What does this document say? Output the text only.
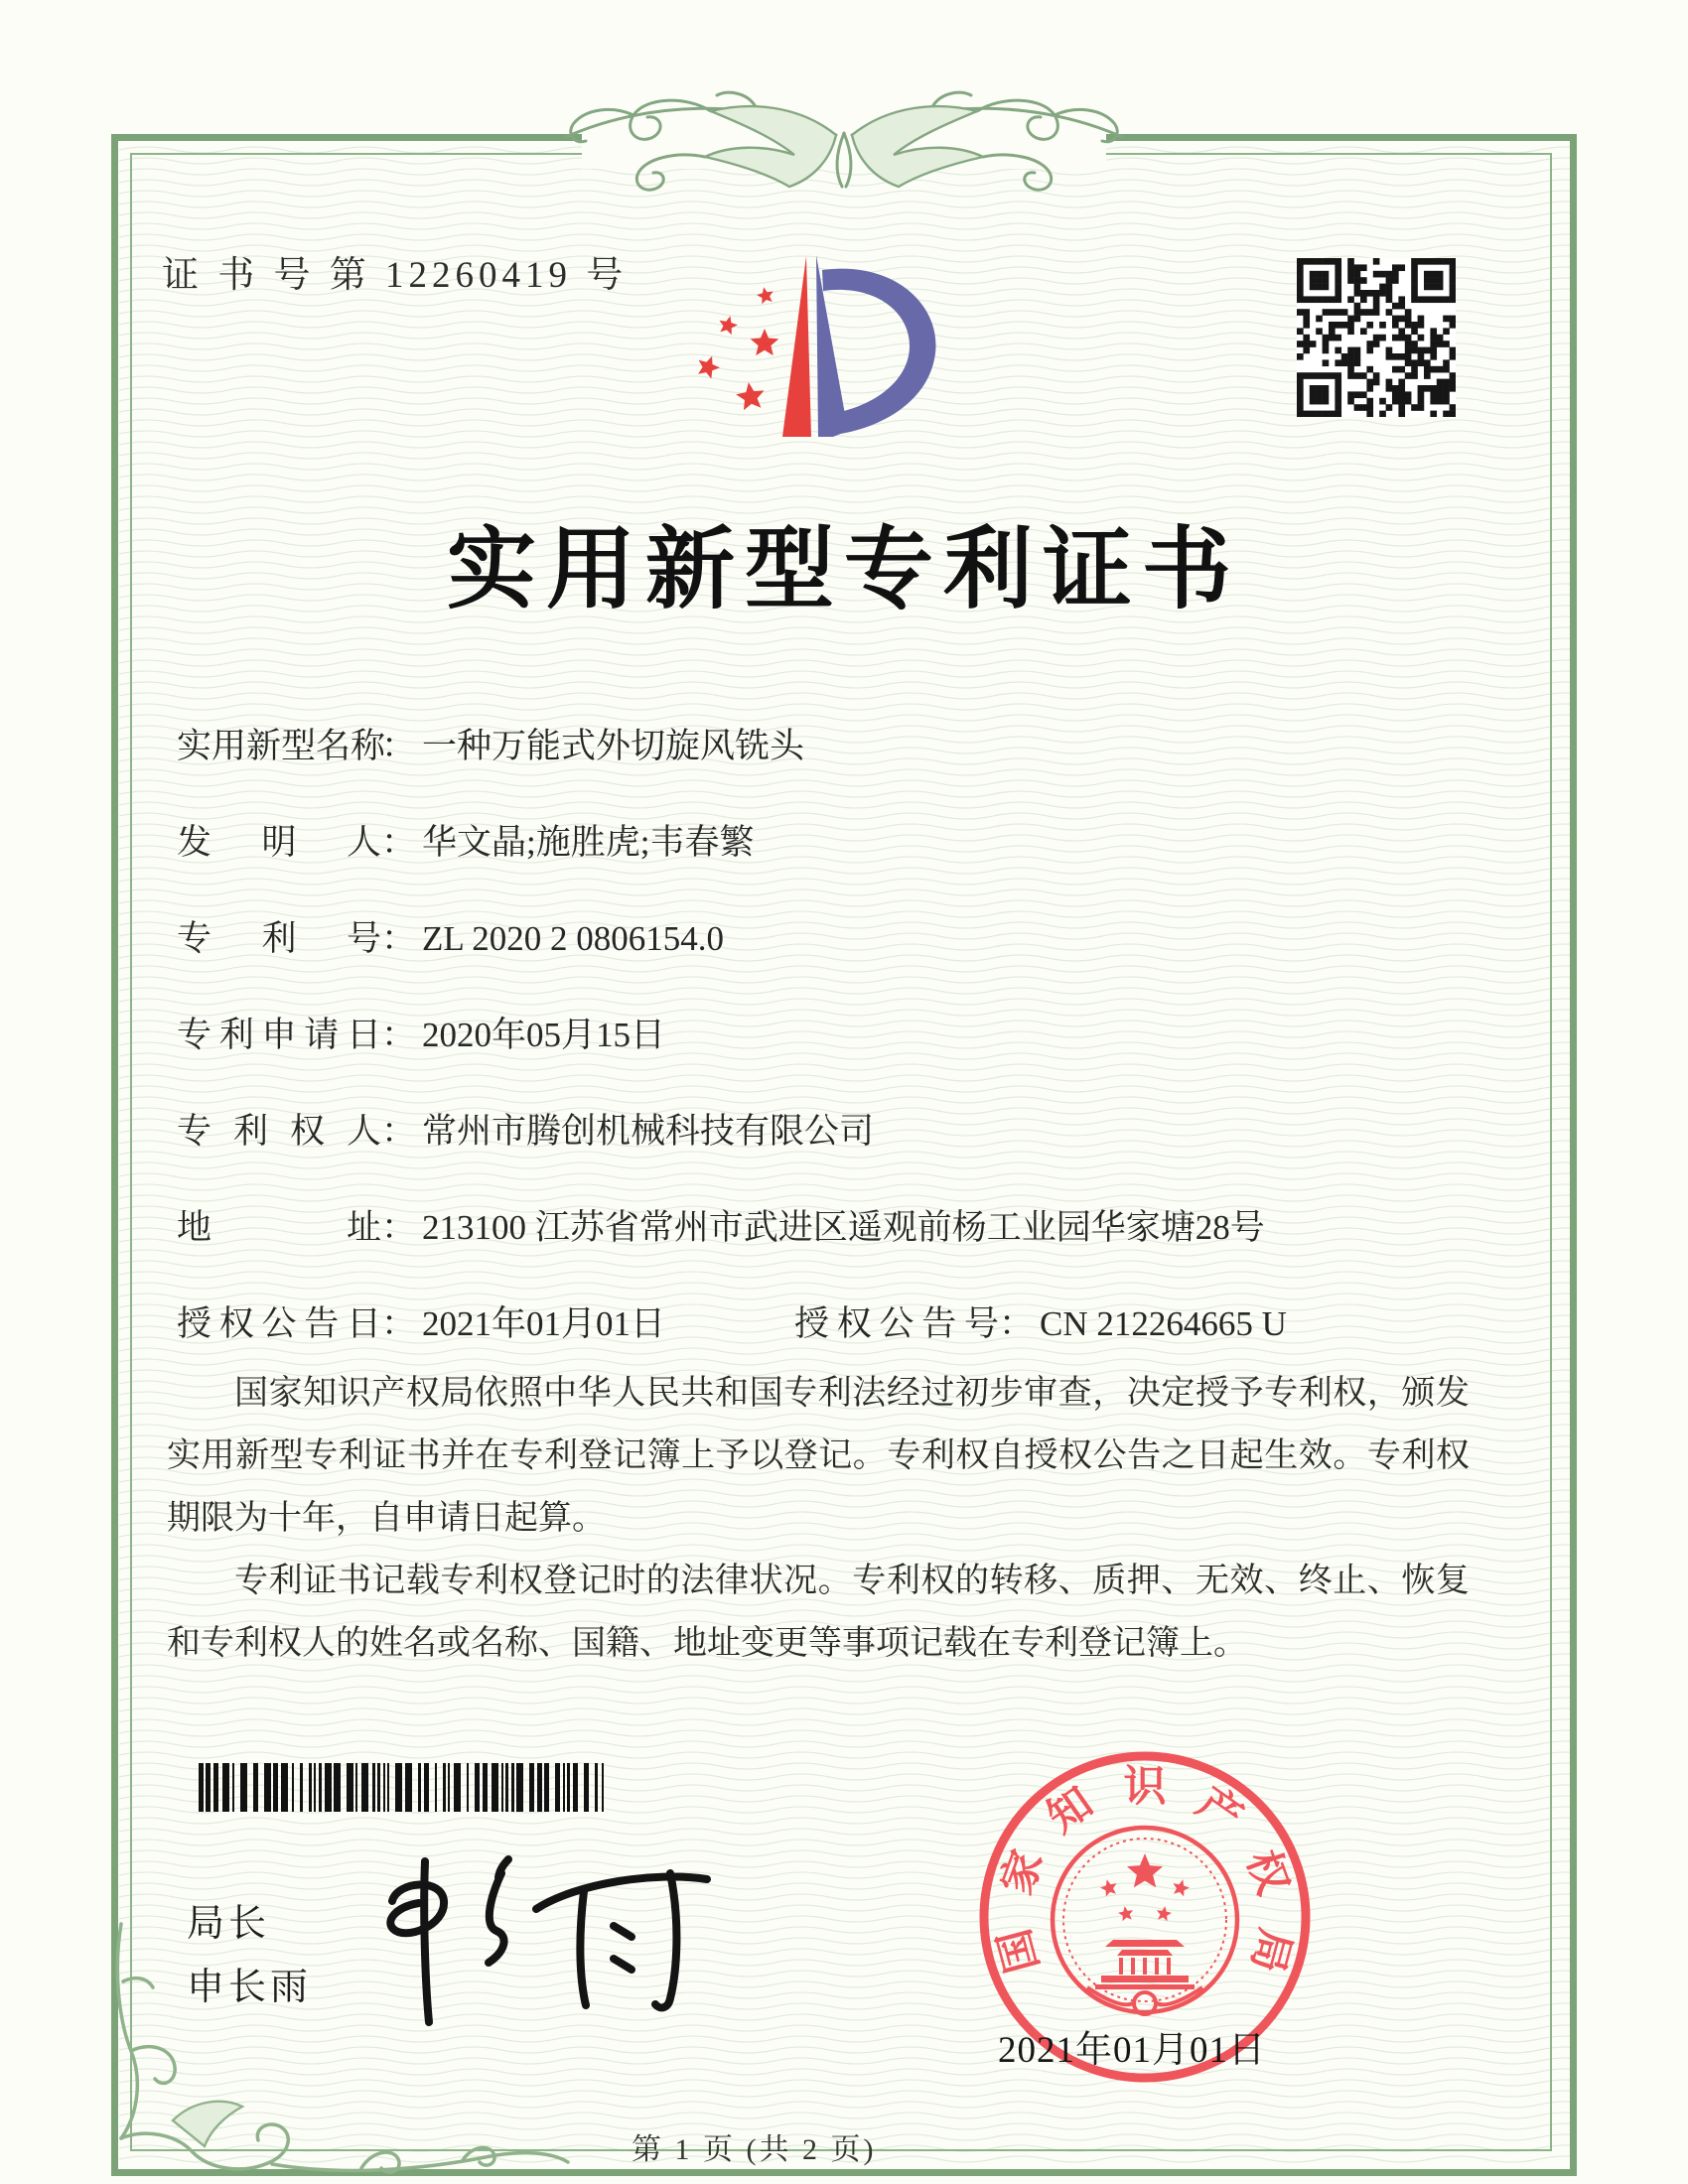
证 书 号 第 12260419 号
实用新型专利证书
实用新型名称： 一种万能式外切旋风铣头
发明人： 华文晶;施胜虎;韦春繁
专利号： ZL 2020 2 0806154.0
专利申请日： 2020年05月15日
专利权人： 常州市腾创机械科技有限公司
地址： 213100 江苏省常州市武进区遥观前杨工业园华家塘28号
授权公告日： 2021年01月01日	授权公告号： CN 212264665 U

国家知识产权局依照中华人民共和国专利法经过初步审查，决定授予专利权，颁发实用新型专利证书并在专利登记簿上予以登记。专利权自授权公告之日起生效。专利权期限为十年，自申请日起算。

专利证书记载专利权登记时的法律状况。专利权的转移、质押、无效、终止、恢复和专利权人的姓名或名称、国籍、地址变更等事项记载在专利登记簿上。

局长
申长雨
国
家
知 识 产
权
局
2021年01月01日
第 1 页 (共 2 页)
